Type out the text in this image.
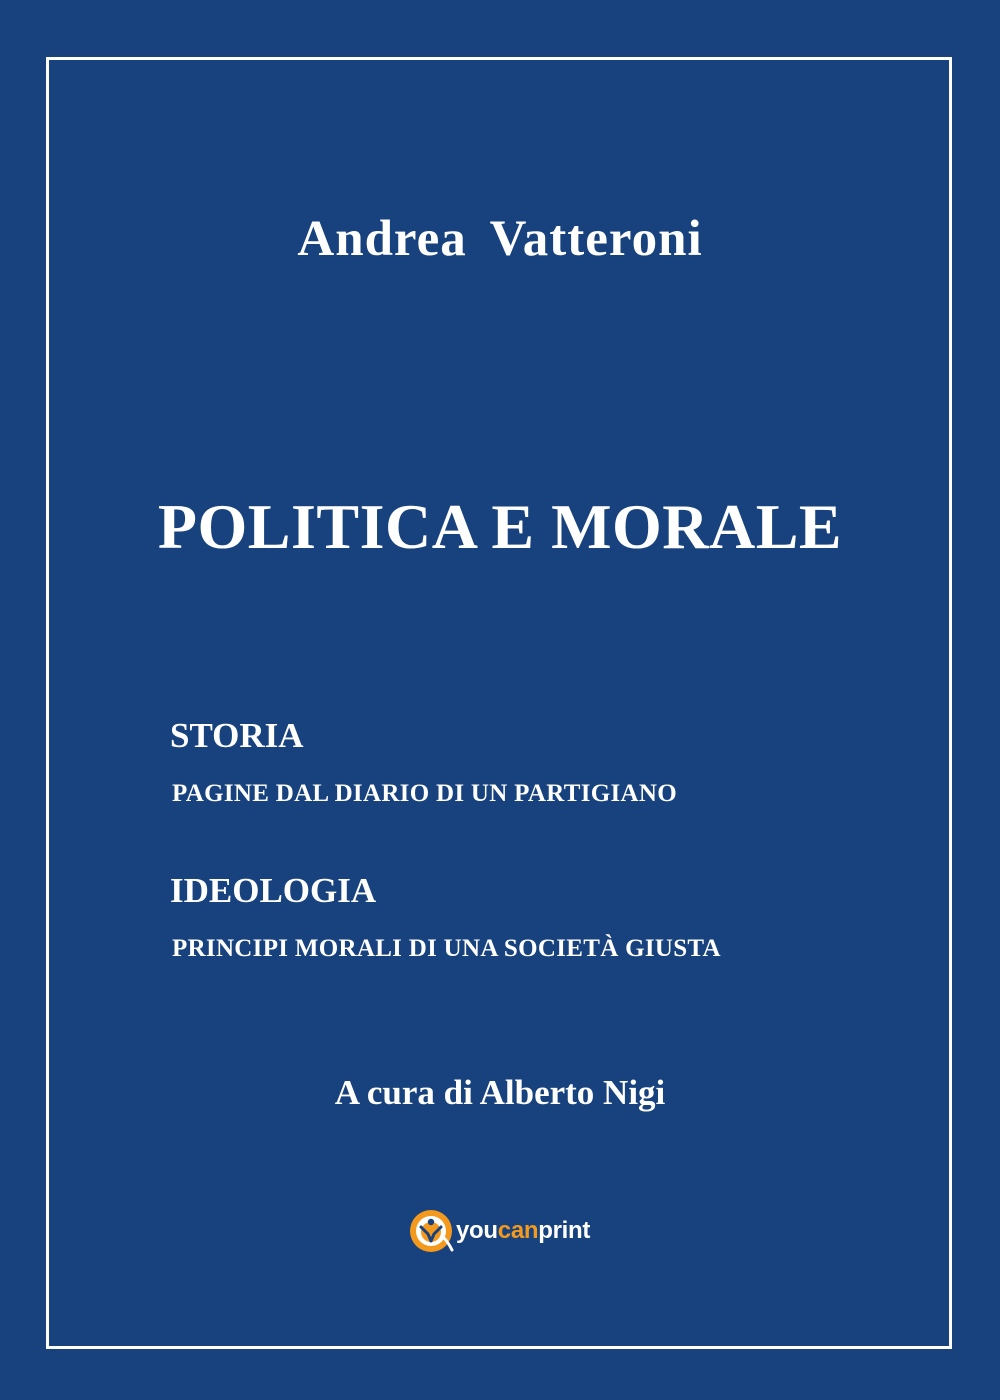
Andrea Vatteroni
POLITICA E MORALE
STORIA
PAGINE DAL DIARIO DI UN PARTIGIANO
IDEOLOGIA
PRINCIPI MORALI DI UNA SOCIETÀ GIUSTA
A cura di Alberto Nigi
youcanprint
